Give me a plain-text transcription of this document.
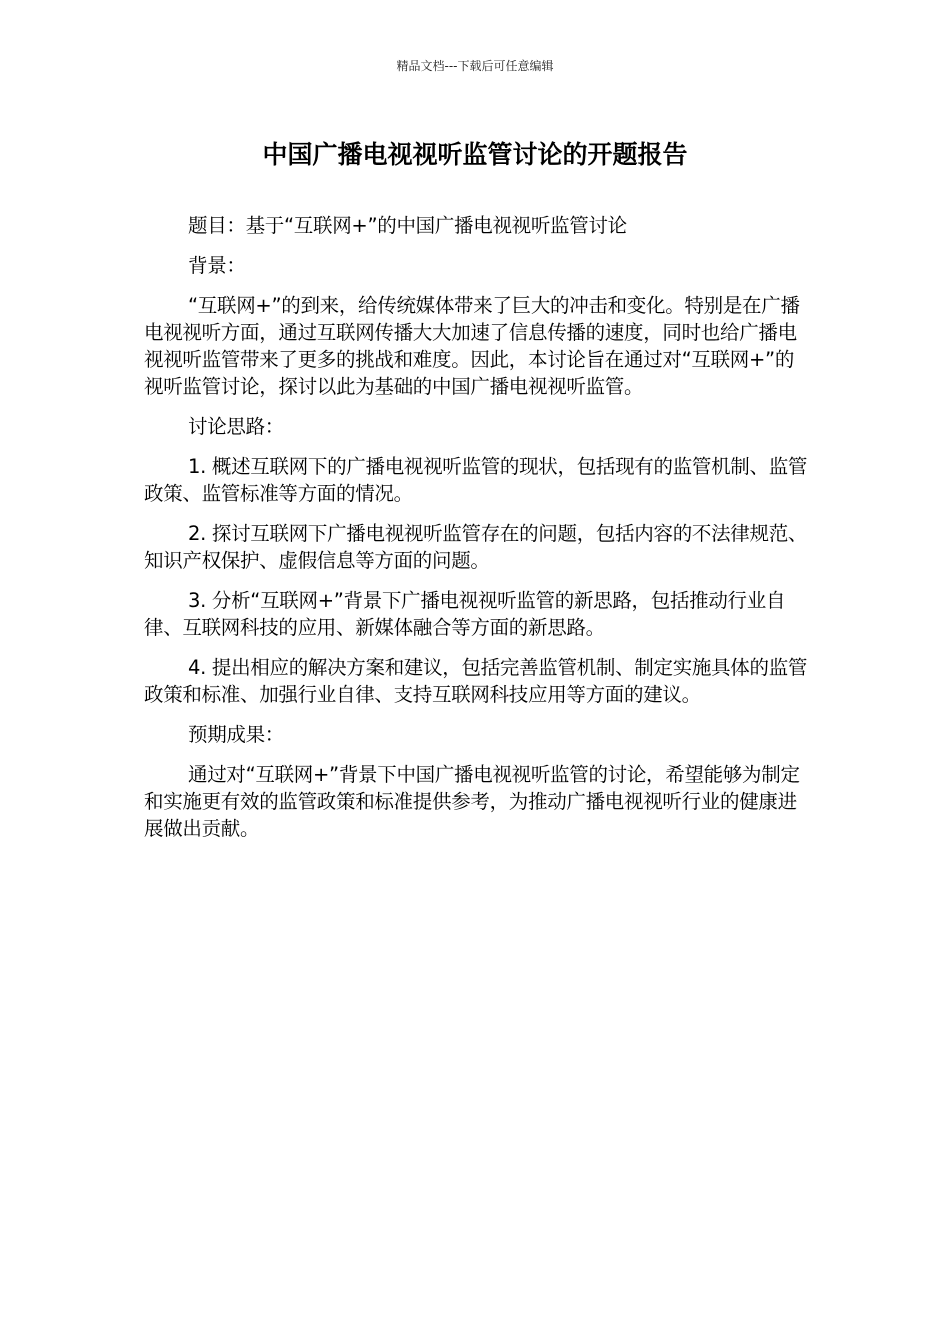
精品文档---下载后可任意编辑
中国广播电视视听监管讨论的开题报告

题目：基于“互联网+”的中国广播电视视听监管讨论

背景：

“互联网+”的到来，给传统媒体带来了巨大的冲击和变化。特别是在广播电视视听方面，通过互联网传播大大加速了信息传播的速度，同时也给广播电视视听监管带来了更多的挑战和难度。因此，本讨论旨在通过对“互联网+”的视听监管讨论，探讨以此为基础的中国广播电视视听监管。

讨论思路：

1. 概述互联网下的广播电视视听监管的现状，包括现有的监管机制、监管政策、监管标准等方面的情况。

2. 探讨互联网下广播电视视听监管存在的问题，包括内容的不法律规范、知识产权保护、虚假信息等方面的问题。

3. 分析“互联网+”背景下广播电视视听监管的新思路，包括推动行业自律、互联网科技的应用、新媒体融合等方面的新思路。

4. 提出相应的解决方案和建议，包括完善监管机制、制定实施具体的监管政策和标准、加强行业自律、支持互联网科技应用等方面的建议。

预期成果：

通过对“互联网+”背景下中国广播电视视听监管的讨论，希望能够为制定和实施更有效的监管政策和标准提供参考，为推动广播电视视听行业的健康进展做出贡献。
